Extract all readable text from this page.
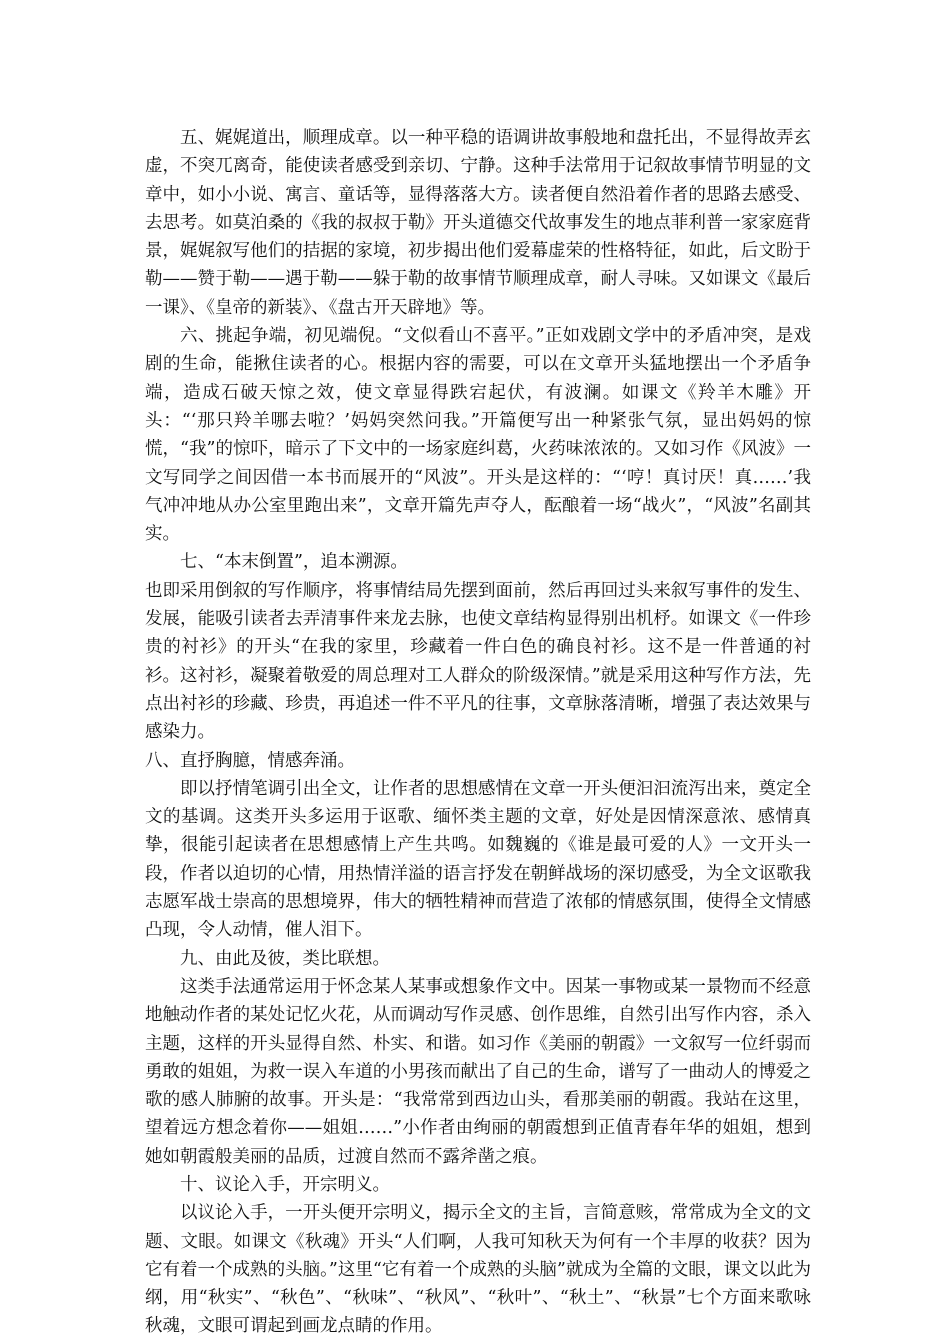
五、娓娓道出，顺理成章。以一种平稳的语调讲故事般地和盘托出，不显得故弄玄虚，不突兀离奇，能使读者感受到亲切、宁静。这种手法常用于记叙故事情节明显的文章中，如小小说、寓言、童话等，显得落落大方。读者便自然沿着作者的思路去感受、去思考。如莫泊桑的《我的叔叔于勒》开头道德交代故事发生的地点菲利普一家家庭背景，娓娓叙写他们的拮据的家境，初步揭出他们爱幕虚荣的性格特征，如此，后文盼于勒——赞于勒——遇于勒——躲于勒的故事情节顺理成章，耐人寻味。又如课文《最后一课》、《皇帝的新装》、《盘古开天辟地》等。

六、挑起争端，初见端倪。“文似看山不喜平。”正如戏剧文学中的矛盾冲突，是戏剧的生命，能揪住读者的心。根据内容的需要，可以在文章开头猛地摆出一个矛盾争端，造成石破天惊之效，使文章显得跌宕起伏，有波澜。如课文《羚羊木雕》开头：“‘那只羚羊哪去啦？’妈妈突然问我。”开篇便写出一种紧张气氛，显出妈妈的惊慌，“我”的惊吓，暗示了下文中的一场家庭纠葛，火药味浓浓的。又如习作《风波》一文写同学之间因借一本书而展开的“风波”。开头是这样的：“‘哼！真讨厌！真……’我气冲冲地从办公室里跑出来”，文章开篇先声夺人，酝酿着一场“战火”，“风波”名副其实。

七、“本末倒置”，追本溯源。

也即采用倒叙的写作顺序，将事情结局先摆到面前，然后再回过头来叙写事件的发生、发展，能吸引读者去弄清事件来龙去脉，也使文章结构显得别出机杼。如课文《一件珍贵的衬衫》的开头“在我的家里，珍藏着一件白色的确良衬衫。这不是一件普通的衬衫。这衬衫，凝聚着敬爱的周总理对工人群众的阶级深情。”就是采用这种写作方法，先点出衬衫的珍藏、珍贵，再追述一件不平凡的往事，文章脉落清晰，增强了表达效果与感染力。

八、直抒胸臆，情感奔涌。

即以抒情笔调引出全文，让作者的思想感情在文章一开头便汩汩流泻出来，奠定全文的基调。这类开头多运用于讴歌、缅怀类主题的文章，好处是因情深意浓、感情真挚，很能引起读者在思想感情上产生共鸣。如魏巍的《谁是最可爱的人》一文开头一段，作者以迫切的心情，用热情洋溢的语言抒发在朝鲜战场的深切感受，为全文讴歌我志愿军战士崇高的思想境界，伟大的牺牲精神而营造了浓郁的情感氛围，使得全文情感凸现，令人动情，催人泪下。

九、由此及彼，类比联想。

这类手法通常运用于怀念某人某事或想象作文中。因某一事物或某一景物而不经意地触动作者的某处记忆火花，从而调动写作灵感、创作思维，自然引出写作内容，杀入主题，这样的开头显得自然、朴实、和谐。如习作《美丽的朝霞》一文叙写一位纤弱而勇敢的姐姐，为救一误入车道的小男孩而献出了自己的生命，谱写了一曲动人的博爱之歌的感人肺腑的故事。开头是：“我常常到西边山头，看那美丽的朝霞。我站在这里，望着远方想念着你——姐姐……”小作者由绚丽的朝霞想到正值青春年华的姐姐，想到她如朝霞般美丽的品质，过渡自然而不露斧凿之痕。

十、议论入手，开宗明义。

以议论入手，一开头便开宗明义，揭示全文的主旨，言简意赅，常常成为全文的文题、文眼。如课文《秋魂》开头“人们啊，人我可知秋天为何有一个丰厚的收获？因为它有着一个成熟的头脑。”这里“它有着一个成熟的头脑”就成为全篇的文眼，课文以此为纲，用“秋实”、“秋色”、“秋味”、“秋风”、“秋叶”、“秋土”、“秋景”七个方面来歌咏秋魂，文眼可谓起到画龙点睛的作用。
